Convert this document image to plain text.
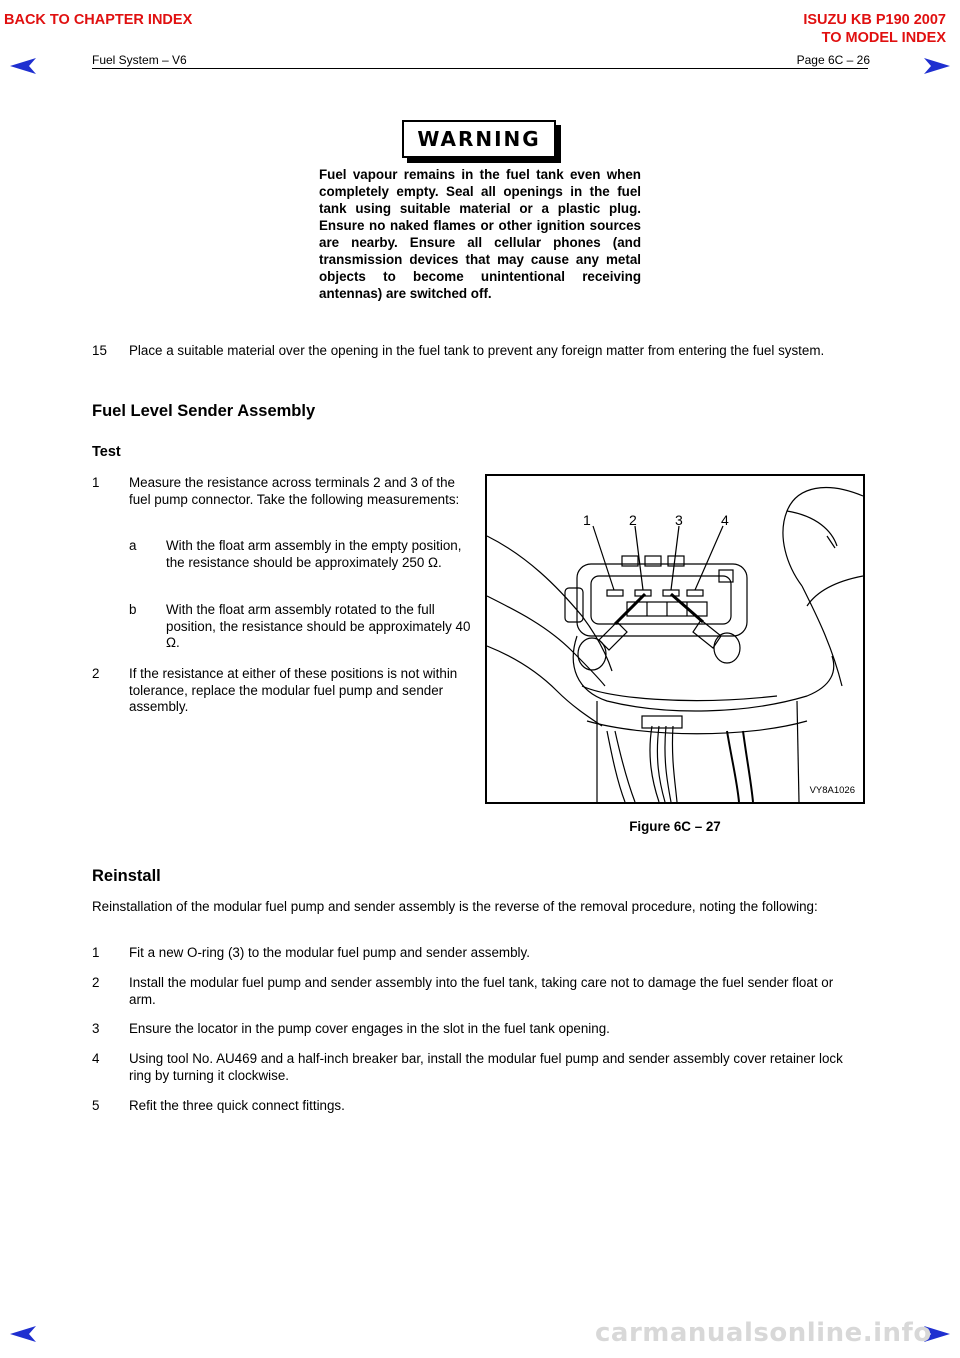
BACK TO CHAPTER INDEX	ISUZU KB P190 2007
TO MODEL INDEX
Fuel System – V6	Page 6C – 26
WARNING
Fuel vapour remains in the fuel tank even when completely empty. Seal all openings in the fuel tank using suitable material or a plastic plug. Ensure no naked flames or other ignition sources are nearby. Ensure all cellular phones (and transmission devices that may cause any metal objects to become unintentional receiving antennas) are switched off.
15 Place a suitable material over the opening in the fuel tank to prevent any foreign matter from entering the fuel system.
Fuel Level Sender Assembly
Test
1 Measure the resistance across terminals 2 and 3 of the fuel pump connector. Take the following measurements:
a With the float arm assembly in the empty position, the resistance should be approximately 250 Ω.
b With the float arm assembly rotated to the full position, the resistance should be approximately 40 Ω.
2 If the resistance at either of these positions is not within tolerance, replace the modular fuel pump and sender assembly.
1	2	3	4
VY8A1026
Figure 6C – 27
Reinstall
Reinstallation of the modular fuel pump and sender assembly is the reverse of the removal procedure, noting the following:
1 Fit a new O-ring (3) to the modular fuel pump and sender assembly.
2 Install the modular fuel pump and sender assembly into the fuel tank, taking care not to damage the fuel sender float or arm.
3 Ensure the locator in the pump cover engages in the slot in the fuel tank opening.
4 Using tool No. AU469 and a half-inch breaker bar, install the modular fuel pump and sender assembly cover retainer lock ring by turning it clockwise.
5 Refit the three quick connect fittings.
carmanualsonline.info
